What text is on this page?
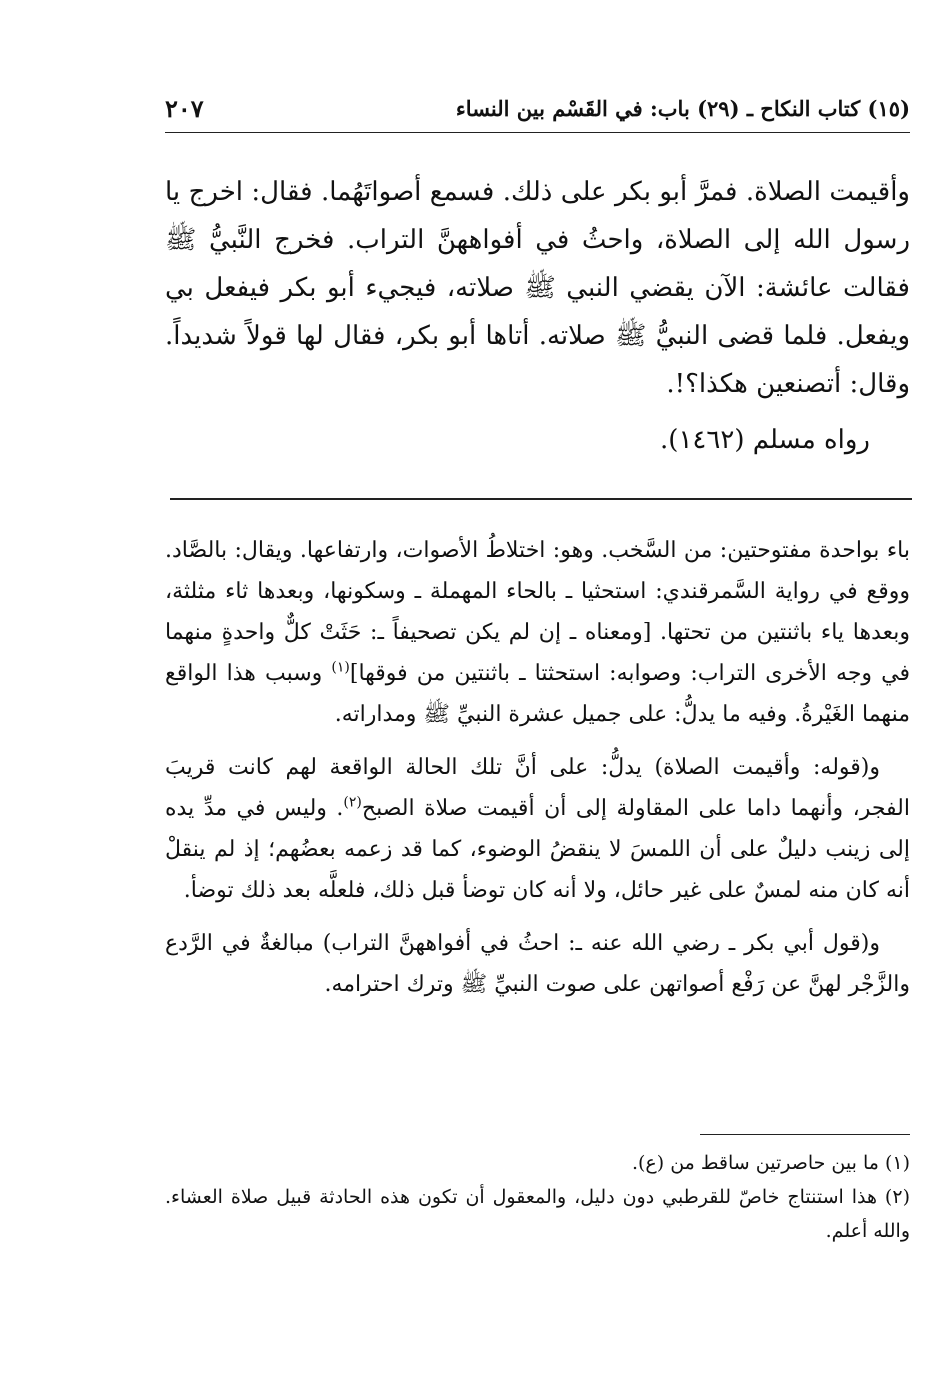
(١٥) كتاب النكاح ـ (٢٩) باب: في القَسْم بين النساء
٢٠٧

وأقيمت الصلاة. فمرَّ أبو بكر على ذلك. فسمع أصواتَهُما. فقال: اخرج يا رسول الله إلى الصلاة، واحثُ في أفواههنَّ التراب. فخرج النَّبيُّ ﷺ فقالت عائشة: الآن يقضي النبي ﷺ صلاته، فيجيء أبو بكر فيفعل بي ويفعل. فلما قضى النبيُّ ﷺ صلاته. أتاها أبو بكر، فقال لها قولاً شديداً. وقال: أتصنعين هكذا؟!.

رواه مسلم (١٤٦٢).

باء بواحدة مفتوحتين: من السَّخب. وهو: اختلاطُ الأصوات، وارتفاعها. ويقال: بالصَّاد. ووقع في رواية السَّمرقندي: استحثيا ـ بالحاء المهملة ـ وسكونها، وبعدها ثاء مثلثة، وبعدها ياء باثنتين من تحتها. [ومعناه ـ إن لم يكن تصحيفاً ـ: حَثَتْ كلٌّ واحدةٍ منهما في وجه الأخرى التراب: وصوابه: استحثتا ـ باثنتين من فوقها]$^{(١)}$ وسبب هذا الواقع منهما الغَيْرةُ. وفيه ما يدلُّ: على جميل عشرة النبيِّ ﷺ ومداراته.

و(قوله: وأقيمت الصلاة) يدلُّ: على أنَّ تلك الحالة الواقعة لهم كانت قريبَ الفجر، وأنهما داما على المقاولة إلى أن أقيمت صلاة الصبح$^{(٢)}$. وليس في مدِّ يده إلى زينب دليلٌ على أن اللمسَ لا ينقضُ الوضوء، كما قد زعمه بعضُهم؛ إذ لم ينقلْ أنه كان منه لمسٌ على غير حائل، ولا أنه كان توضأ قبل ذلك، فلعلَّه بعد ذلك توضأ.

و(قول أبي بكر ـ رضي الله عنه ـ: احثُ في أفواههنَّ التراب) مبالغةٌ في الرَّدع والزَّجْر لهنَّ عن رَفْع أصواتهن على صوت النبيِّ ﷺ وترك احترامه.

(١) ما بين حاصرتين ساقط من (ع).

(٢) هذا استنتاج خاصّ للقرطبي دون دليل، والمعقول أن تكون هذه الحادثة قبيل صلاة العشاء. والله أعلم.
